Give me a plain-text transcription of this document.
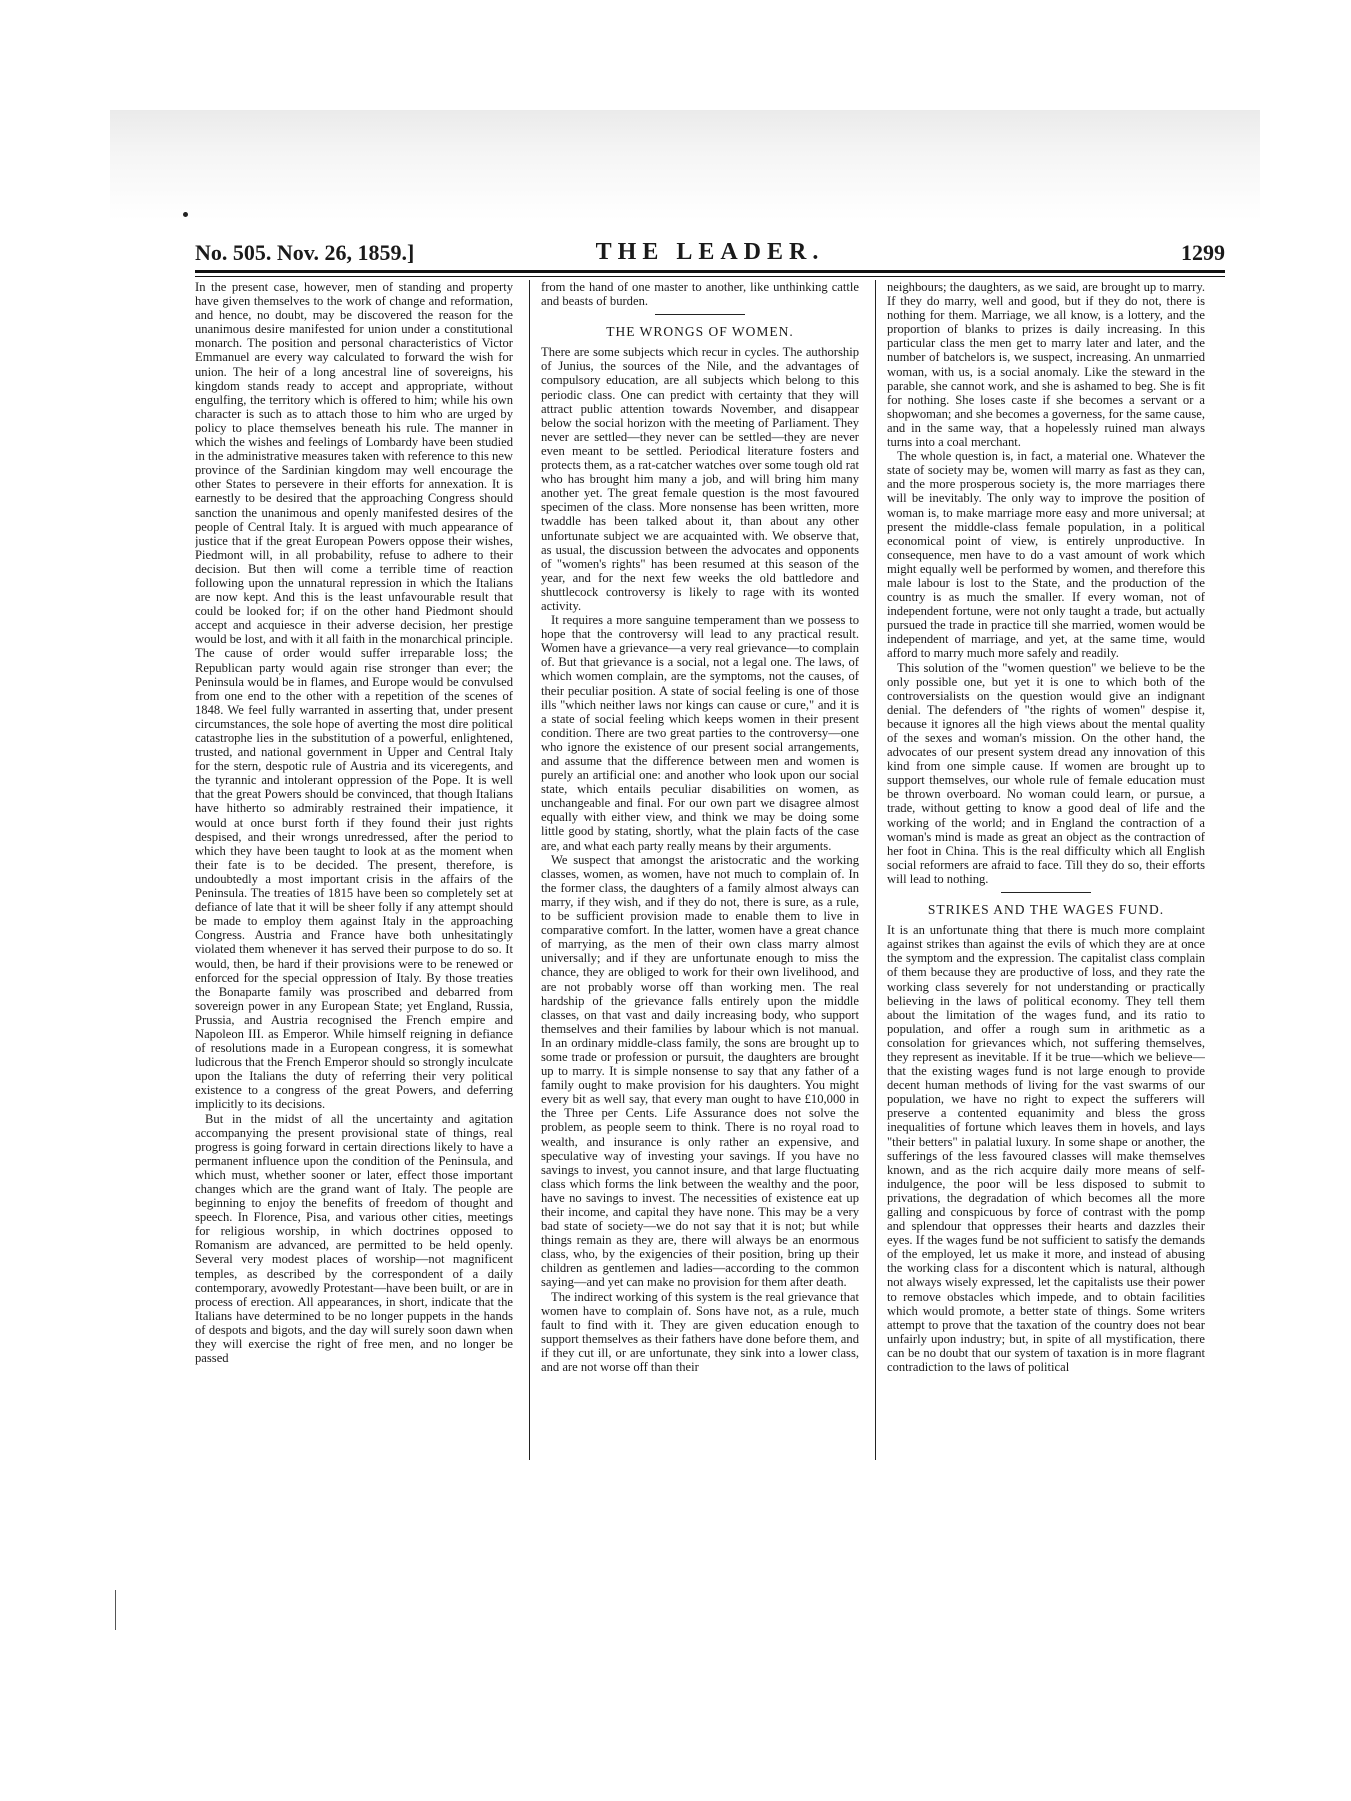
No. 505. Nov. 26, 1859.]	THE LEADER.	1299

In the present case, however, men of standing and property have given themselves to the work of change and reformation, and hence, no doubt, may be discovered the reason for the unanimous desire manifested for union under a constitutional monarch. The position and personal characteristics of Victor Emmanuel are every way calculated to forward the wish for union. The heir of a long ancestral line of sovereigns, his kingdom stands ready to accept and appropriate, without engulfing, the territory which is offered to him; while his own character is such as to attach those to him who are urged by policy to place themselves beneath his rule. The manner in which the wishes and feelings of Lombardy have been studied in the administrative measures taken with reference to this new province of the Sardinian kingdom may well encourage the other States to persevere in their efforts for annexation. It is earnestly to be desired that the approaching Congress should sanction the unanimous and openly manifested desires of the people of Central Italy. It is argued with much appearance of justice that if the great European Powers oppose their wishes, Piedmont will, in all probability, refuse to adhere to their decision. But then will come a terrible time of reaction following upon the unnatural repression in which the Italians are now kept. And this is the least unfavourable result that could be looked for; if on the other hand Piedmont should accept and acquiesce in their adverse decision, her prestige would be lost, and with it all faith in the monarchical principle. The cause of order would suffer irreparable loss; the Republican party would again rise stronger than ever; the Peninsula would be in flames, and Europe would be convulsed from one end to the other with a repetition of the scenes of 1848. We feel fully warranted in asserting that, under present circumstances, the sole hope of averting the most dire political catastrophe lies in the substitution of a powerful, enlightened, trusted, and national government in Upper and Central Italy for the stern, despotic rule of Austria and its viceregents, and the tyrannic and intolerant oppression of the Pope. It is well that the great Powers should be convinced, that though Italians have hitherto so admirably restrained their impatience, it would at once burst forth if they found their just rights despised, and their wrongs unredressed, after the period to which they have been taught to look at as the moment when their fate is to be decided. The present, therefore, is undoubtedly a most important crisis in the affairs of the Peninsula. The treaties of 1815 have been so completely set at defiance of late that it will be sheer folly if any attempt should be made to employ them against Italy in the approaching Congress. Austria and France have both unhesitatingly violated them whenever it has served their purpose to do so. It would, then, be hard if their provisions were to be renewed or enforced for the special oppression of Italy. By those treaties the Bonaparte family was proscribed and debarred from sovereign power in any European State; yet England, Russia, Prussia, and Austria recognised the French empire and Napoleon III. as Emperor. While himself reigning in defiance of resolutions made in a European congress, it is somewhat ludicrous that the French Emperor should so strongly inculcate upon the Italians the duty of referring their very political existence to a congress of the great Powers, and deferring implicitly to its decisions.

But in the midst of all the uncertainty and agitation accompanying the present provisional state of things, real progress is going forward in certain directions likely to have a permanent influence upon the condition of the Peninsula, and which must, whether sooner or later, effect those important changes which are the grand want of Italy. The people are beginning to enjoy the benefits of freedom of thought and speech. In Florence, Pisa, and various other cities, meetings for religious worship, in which doctrines opposed to Romanism are advanced, are permitted to be held openly. Several very modest places of worship—not magnificent temples, as described by the correspondent of a daily contemporary, avowedly Protestant—have been built, or are in process of erection. All appearances, in short, indicate that the Italians have determined to be no longer puppets in the hands of despots and bigots, and the day will surely soon dawn when they will exercise the right of free men, and no longer be passed

from the hand of one master to another, like unthinking cattle and beasts of burden.

THE WRONGS OF WOMEN.

There are some subjects which recur in cycles. The authorship of Junius, the sources of the Nile, and the advantages of compulsory education, are all subjects which belong to this periodic class. One can predict with certainty that they will attract public attention towards November, and disappear below the social horizon with the meeting of Parliament. They never are settled—they never can be settled—they are never even meant to be settled. Periodical literature fosters and protects them, as a rat-catcher watches over some tough old rat who has brought him many a job, and will bring him many another yet. The great female question is the most favoured specimen of the class. More nonsense has been written, more twaddle has been talked about it, than about any other unfortunate subject we are acquainted with. We observe that, as usual, the discussion between the advocates and opponents of "women's rights" has been resumed at this season of the year, and for the next few weeks the old battledore and shuttlecock controversy is likely to rage with its wonted activity.

It requires a more sanguine temperament than we possess to hope that the controversy will lead to any practical result. Women have a grievance—a very real grievance—to complain of. But that grievance is a social, not a legal one. The laws, of which women complain, are the symptoms, not the causes, of their peculiar position. A state of social feeling is one of those ills "which neither laws nor kings can cause or cure," and it is a state of social feeling which keeps women in their present condition. There are two great parties to the controversy—one who ignore the existence of our present social arrangements, and assume that the difference between men and women is purely an artificial one: and another who look upon our social state, which entails peculiar disabilities on women, as unchangeable and final. For our own part we disagree almost equally with either view, and think we may be doing some little good by stating, shortly, what the plain facts of the case are, and what each party really means by their arguments.

We suspect that amongst the aristocratic and the working classes, women, as women, have not much to complain of. In the former class, the daughters of a family almost always can marry, if they wish, and if they do not, there is sure, as a rule, to be sufficient provision made to enable them to live in comparative comfort. In the latter, women have a great chance of marrying, as the men of their own class marry almost universally; and if they are unfortunate enough to miss the chance, they are obliged to work for their own livelihood, and are not probably worse off than working men. The real hardship of the grievance falls entirely upon the middle classes, on that vast and daily increasing body, who support themselves and their families by labour which is not manual. In an ordinary middle-class family, the sons are brought up to some trade or profession or pursuit, the daughters are brought up to marry. It is simple nonsense to say that any father of a family ought to make provision for his daughters. You might every bit as well say, that every man ought to have £10,000 in the Three per Cents. Life Assurance does not solve the problem, as people seem to think. There is no royal road to wealth, and insurance is only rather an expensive, and speculative way of investing your savings. If you have no savings to invest, you cannot insure, and that large fluctuating class which forms the link between the wealthy and the poor, have no savings to invest. The necessities of existence eat up their income, and capital they have none. This may be a very bad state of society—we do not say that it is not; but while things remain as they are, there will always be an enormous class, who, by the exigencies of their position, bring up their children as gentlemen and ladies—according to the common saying—and yet can make no provision for them after death.

The indirect working of this system is the real grievance that women have to complain of. Sons have not, as a rule, much fault to find with it. They are given education enough to support themselves as their fathers have done before them, and if they cut ill, or are unfortunate, they sink into a lower class, and are not worse off than their

neighbours; the daughters, as we said, are brought up to marry. If they do marry, well and good, but if they do not, there is nothing for them. Marriage, we all know, is a lottery, and the proportion of blanks to prizes is daily increasing. In this particular class the men get to marry later and later, and the number of batchelors is, we suspect, increasing. An unmarried woman, with us, is a social anomaly. Like the steward in the parable, she cannot work, and she is ashamed to beg. She is fit for nothing. She loses caste if she becomes a servant or a shopwoman; and she becomes a governess, for the same cause, and in the same way, that a hopelessly ruined man always turns into a coal merchant.

The whole question is, in fact, a material one. Whatever the state of society may be, women will marry as fast as they can, and the more prosperous society is, the more marriages there will be inevitably. The only way to improve the position of woman is, to make marriage more easy and more universal; at present the middle-class female population, in a political economical point of view, is entirely unproductive. In consequence, men have to do a vast amount of work which might equally well be performed by women, and therefore this male labour is lost to the State, and the production of the country is as much the smaller. If every woman, not of independent fortune, were not only taught a trade, but actually pursued the trade in practice till she married, women would be independent of marriage, and yet, at the same time, would afford to marry much more safely and readily.

This solution of the "women question" we believe to be the only possible one, but yet it is one to which both of the controversialists on the question would give an indignant denial. The defenders of "the rights of women" despise it, because it ignores all the high views about the mental quality of the sexes and woman's mission. On the other hand, the advocates of our present system dread any innovation of this kind from one simple cause. If women are brought up to support themselves, our whole rule of female education must be thrown overboard. No woman could learn, or pursue, a trade, without getting to know a good deal of life and the working of the world; and in England the contraction of a woman's mind is made as great an object as the contraction of her foot in China. This is the real difficulty which all English social reformers are afraid to face. Till they do so, their efforts will lead to nothing.

STRIKES AND THE WAGES FUND.

It is an unfortunate thing that there is much more complaint against strikes than against the evils of which they are at once the symptom and the expression. The capitalist class complain of them because they are productive of loss, and they rate the working class severely for not understanding or practically believing in the laws of political economy. They tell them about the limitation of the wages fund, and its ratio to population, and offer a rough sum in arithmetic as a consolation for grievances which, not suffering themselves, they represent as inevitable. If it be true—which we believe—that the existing wages fund is not large enough to provide decent human methods of living for the vast swarms of our population, we have no right to expect the sufferers will preserve a contented equanimity and bless the gross inequalities of fortune which leaves them in hovels, and lays "their betters" in palatial luxury. In some shape or another, the sufferings of the less favoured classes will make themselves known, and as the rich acquire daily more means of self-indulgence, the poor will be less disposed to submit to privations, the degradation of which becomes all the more galling and conspicuous by force of contrast with the pomp and splendour that oppresses their hearts and dazzles their eyes. If the wages fund be not sufficient to satisfy the demands of the employed, let us make it more, and instead of abusing the working class for a discontent which is natural, although not always wisely expressed, let the capitalists use their power to remove obstacles which impede, and to obtain facilities which would promote, a better state of things. Some writers attempt to prove that the taxation of the country does not bear unfairly upon industry; but, in spite of all mystification, there can be no doubt that our system of taxation is in more flagrant contradiction to the laws of political
